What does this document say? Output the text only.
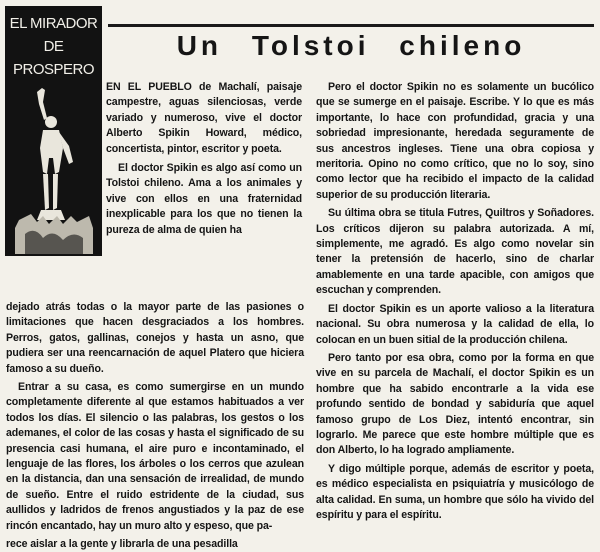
EL MIRADOR
DE
PROSPERO
Un Tolstoi chileno

EN EL PUEBLO de Machalí, paisaje campestre, aguas silenciosas, verde variado y numeroso, vive el doctor Alberto Spikin Howard, médico, concertista, pintor, escritor y poeta.

El doctor Spikin es algo así como un Tolstoi chileno. Ama a los animales y vive con ellos en una fraternidad inexplicable para los que no tienen la pureza de alma de quien ha

dejado atrás todas o la mayor parte de las pasiones o limitaciones que hacen desgraciados a los hombres. Perros, gatos, gallinas, conejos y hasta un asno, que pudiera ser una reencarnación de aquel Platero que hiciera famoso a su dueño.

Entrar a su casa, es como sumergirse en un mundo completamente diferente al que estamos habituados a ver todos los días. El silencio o las palabras, los gestos o los ademanes, el color de las cosas y hasta el significado de su presencia casi humana, el aire puro e incontaminado, el lenguaje de las flores, los árboles o los cerros que azulean en la distancia, dan una sensación de irrealidad, de mundo de sueño. Entre el ruido estridente de la ciudad, sus aullidos y ladridos de frenos angustiados y la paz de ese rincón encantado, hay un muro alto y espeso, que pa-

rece aislar a la gente y librarla de una pesadilla

Pero el doctor Spikin no es solamente un bucólico que se sumerge en el paisaje. Escribe. Y lo que es más importante, lo hace con profundidad, gracia y una sobriedad impresionante, heredada seguramente de sus ancestros ingleses. Tiene una obra copiosa y meritoria. Opino no como crítico, que no lo soy, sino como lector que ha recibido el impacto de la calidad superior de su producción literaria.

Su última obra se titula Futres, Quiltros y Soñadores. Los críticos dijeron su palabra autorizada. A mí, simplemente, me agradó. Es algo como novelar sin tener la pretensión de hacerlo, sino de charlar amablemente en una tarde apacible, con amigos que escuchan y comprenden.

El doctor Spikin es un aporte valioso a la literatura nacional. Su obra numerosa y la calidad de ella, lo colocan en un buen sitial de la producción chilena.

Pero tanto por esa obra, como por la forma en que vive en su parcela de Machalí, el doctor Spikin es un hombre que ha sabido encontrarle a la vida ese profundo sentido de bondad y sabiduría que aquel famoso grupo de Los Diez, intentó encontrar, sin lograrlo. Me parece que este hombre múltiple que es don Alberto, lo ha logrado ampliamente.

Y digo múltiple porque, además de escritor y poeta, es médico especialista en psiquiatría y musicólogo de alta calidad. En suma, un hombre que sólo ha vivido del espíritu y para el espíritu.
